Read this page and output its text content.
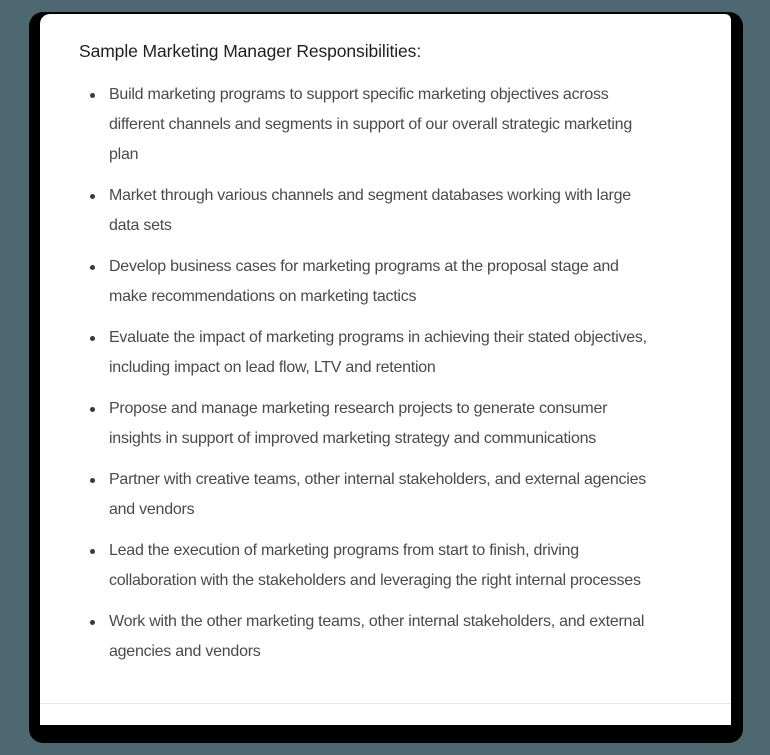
Sample Marketing Manager Responsibilities:
Build marketing programs to support specific marketing objectives across different channels and segments in support of our overall strategic marketing plan
Market through various channels and segment databases working with large data sets
Develop business cases for marketing programs at the proposal stage and make recommendations on marketing tactics
Evaluate the impact of marketing programs in achieving their stated objectives, including impact on lead flow, LTV and retention
Propose and manage marketing research projects to generate consumer insights in support of improved marketing strategy and communications
Partner with creative teams, other internal stakeholders, and external agencies and vendors
Lead the execution of marketing programs from start to finish, driving collaboration with the stakeholders and leveraging the right internal processes
Work with the other marketing teams, other internal stakeholders, and external agencies and vendors
